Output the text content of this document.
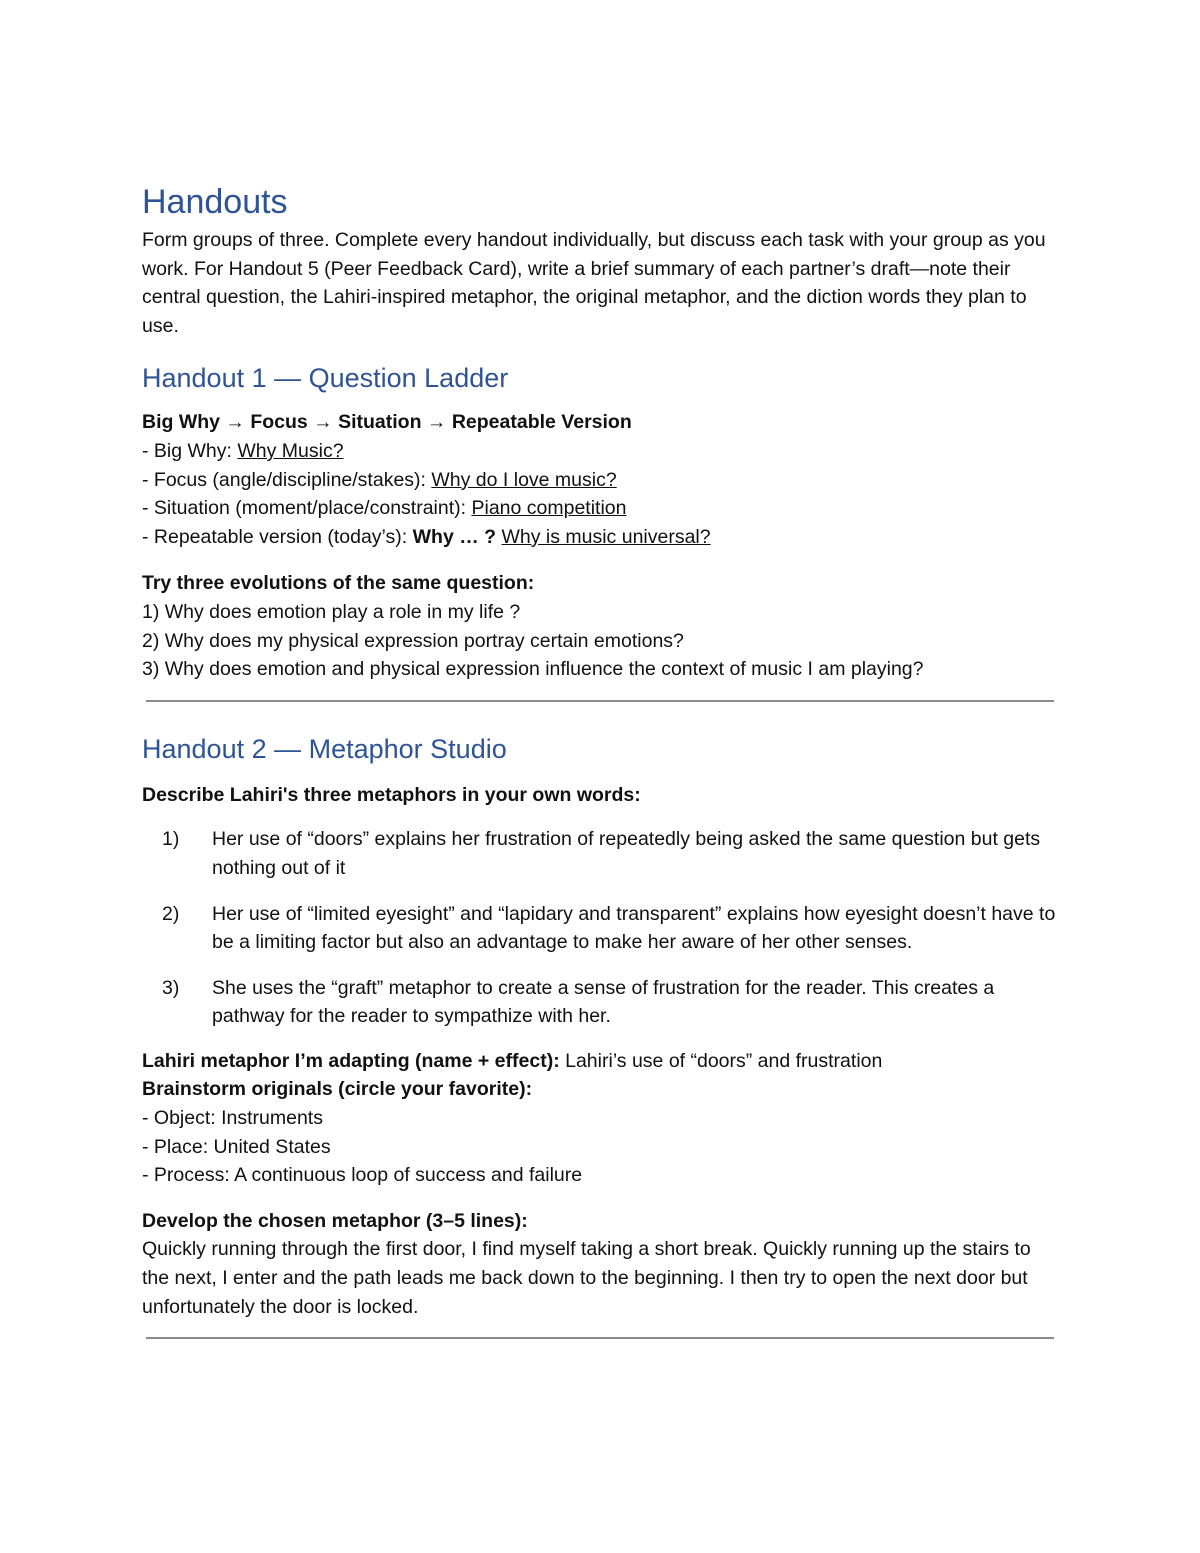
Handouts

Form groups of three. Complete every handout individually, but discuss each task with your group as you work. For Handout 5 (Peer Feedback Card), write a brief summary of each partner’s draft—note their central question, the Lahiri-inspired metaphor, the original metaphor, and the diction words they plan to use.

Handout 1 — Question Ladder
Big Why → Focus → Situation → Repeatable Version
- Big Why: Why Music?
- Focus (angle/discipline/stakes): Why do I love music?
- Situation (moment/place/constraint): Piano competition
- Repeatable version (today’s): Why … ? Why is music universal?
Try three evolutions of the same question:
1) Why does emotion play a role in my life ?
2) Why does my physical expression portray certain emotions?
3) Why does emotion and physical expression influence the context of music I am playing?
Handout 2 — Metaphor Studio
Describe Lahiri's three metaphors in your own words:
1)	Her use of “doors” explains her frustration of repeatedly being asked the same question but gets nothing out of it
2)	Her use of “limited eyesight” and “lapidary and transparent” explains how eyesight doesn’t have to be a limiting factor but also an advantage to make her aware of her other senses.
3)	She uses the “graft” metaphor to create a sense of frustration for the reader. This creates a pathway for the reader to sympathize with her.
Lahiri metaphor I’m adapting (name + effect): Lahiri’s use of “doors” and frustration
Brainstorm originals (circle your favorite):
- Object: Instruments
- Place: United States
- Process: A continuous loop of success and failure
Develop the chosen metaphor (3–5 lines):

Quickly running through the first door, I find myself taking a short break. Quickly running up the stairs to the next, I enter and the path leads me back down to the beginning. I then try to open the next door but unfortunately the door is locked.
